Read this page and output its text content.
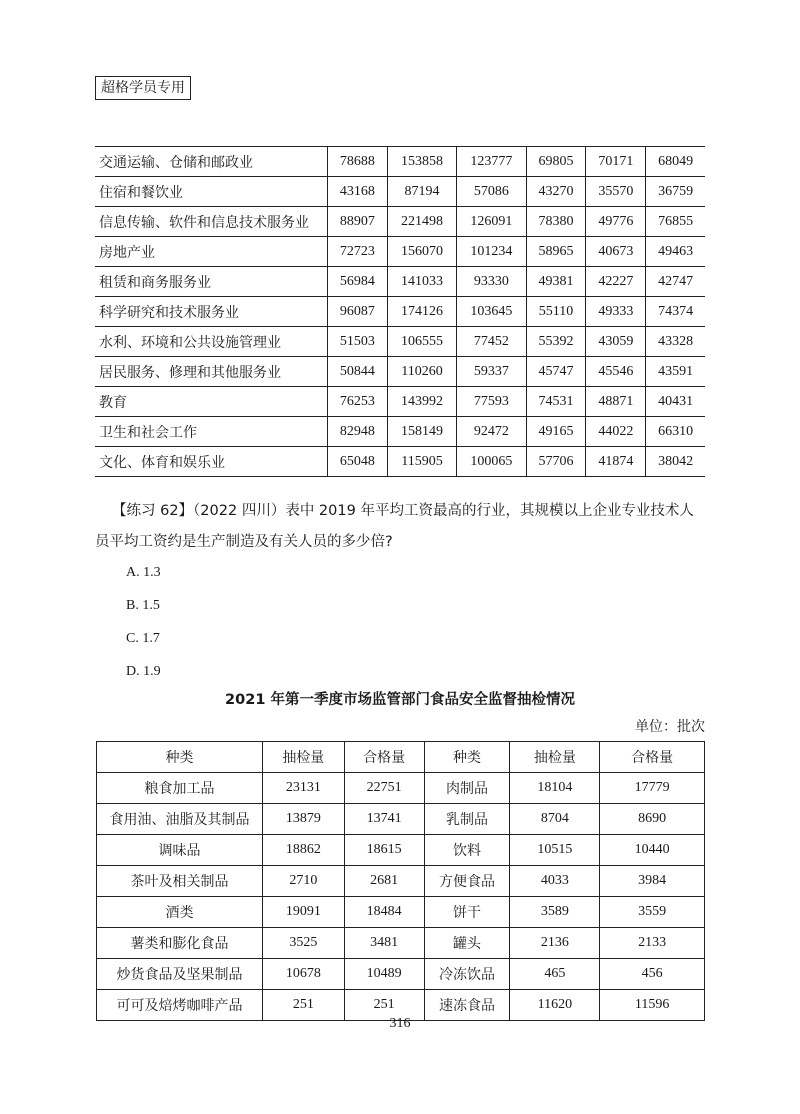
超格学员专用
交通运输、仓储和邮政业	78688	153858	123777	69805	70171	68049
住宿和餐饮业	43168	87194	57086	43270	35570	36759
信息传输、软件和信息技术服务业	88907	221498	126091	78380	49776	76855
房地产业	72723	156070	101234	58965	40673	49463
租赁和商务服务业	56984	141033	93330	49381	42227	42747
科学研究和技术服务业	96087	174126	103645	55110	49333	74374
水利、环境和公共设施管理业	51503	106555	77452	55392	43059	43328
居民服务、修理和其他服务业	50844	110260	59337	45747	45546	43591
教育	76253	143992	77593	74531	48871	40431
卫生和社会工作	82948	158149	92472	49165	44022	66310
文化、体育和娱乐业	65048	115905	100065	57706	41874	38042
【练习 62】（2022 四川）表中 2019 年平均工资最高的行业，其规模以上企业专业技术人员平均工资约是生产制造及有关人员的多少倍?
A. 1.3
B. 1.5
C. 1.7
D. 1.9
2021 年第一季度市场监管部门食品安全监督抽检情况
单位：批次
种类	抽检量	合格量	种类	抽检量	合格量
粮食加工品	23131	22751	肉制品	18104	17779
食用油、油脂及其制品	13879	13741	乳制品	8704	8690
调味品	18862	18615	饮料	10515	10440
茶叶及相关制品	2710	2681	方便食品	4033	3984
酒类	19091	18484	饼干	3589	3559
薯类和膨化食品	3525	3481	罐头	2136	2133
炒货食品及坚果制品	10678	10489	冷冻饮品	465	456
可可及焙烤咖啡产品	251	251	速冻食品	11620	11596
316
